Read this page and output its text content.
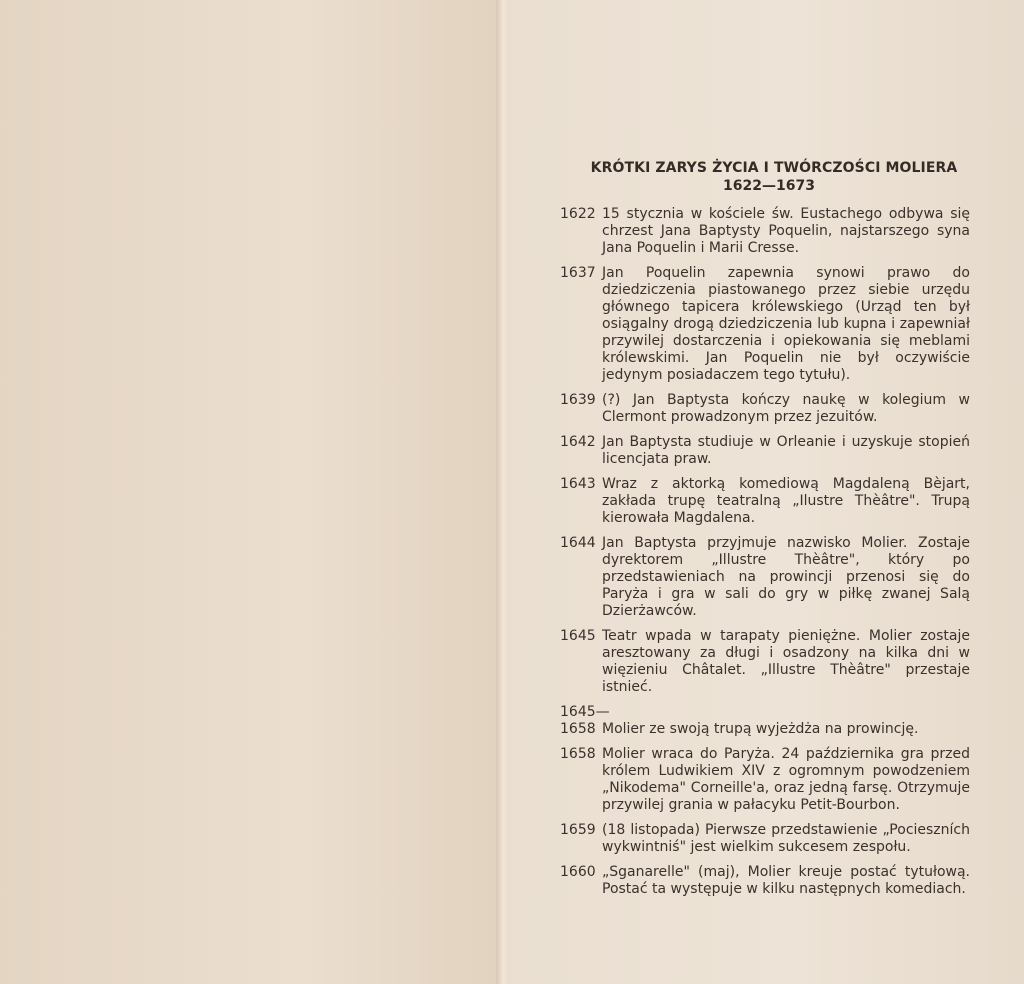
KRÓTKI ZARYS ŻYCIA I TWÓRCZOŚCI MOLIERA
1622—1673
1622 15 stycznia w kościele św. Eustachego odbywa się chrzest Jana Baptysty Poquelin, najstarszego syna Jana Poquelin i Marii Cresse.
1637 Jan Poquelin zapewnia synowi prawo do dziedziczenia piastowanego przez siebie urzędu głównego tapicera królewskiego (Urząd ten był osiągalny drogą dziedziczenia lub kupna i zapewniał przywilej dostarczenia i opiekowania się meblami królewskimi. Jan Poquelin nie był oczywiście jedynym posiadaczem tego tytułu).
1639 (?) Jan Baptysta kończy naukę w kolegium w Clermont prowadzonym przez jezuitów.
1642 Jan Baptysta studiuje w Orleanie i uzyskuje stopień licencjata praw.
1643 Wraz z aktorką komediową Magdaleną Bèjart, zakłada trupę teatralną „Ilustre Thèâtre". Trupą kierowała Magdalena.
1644 Jan Baptysta przyjmuje nazwisko Molier. Zostaje dyrektorem „Illustre Thèâtre", który po przedstawieniach na prowincji przenosi się do Paryża i gra w sali do gry w piłkę zwanej Salą Dzierżawców.
1645 Teatr wpada w tarapaty pieniężne. Molier zostaje aresztowany za długi i osadzony na kilka dni w więzieniu Châtalet. „Illustre Thèâtre" przestaje istnieć.
1645—
1658 Molier ze swoją trupą wyjeżdża na prowincję.
1658 Molier wraca do Paryża. 24 października gra przed królem Ludwikiem XIV z ogromnym powodzeniem „Nikodema" Corneille'a, oraz jedną farsę. Otrzymuje przywilej grania w pałacyku Petit-Bourbon.
1659 (18 listopada) Pierwsze przedstawienie „Pocieszních wykwintniś" jest wielkim sukcesem zespołu.
1660 „Sganarelle" (maj), Molier kreuje postać tytułową. Postać ta występuje w kilku następnych komediach.
